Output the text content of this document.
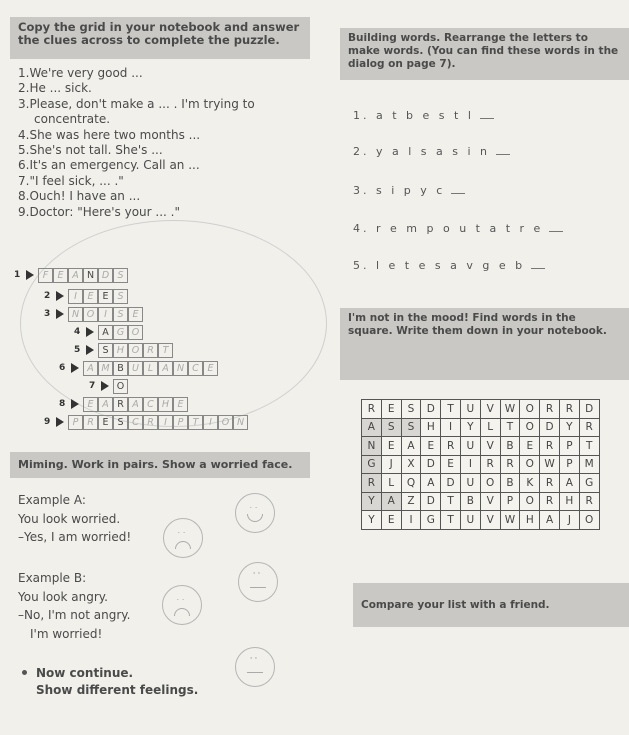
Copy the grid in your notebook and answer the clues across to complete the puzzle.	Building words. Rearrange the letters to make words. (You can find these words in the dialog on page 7).
I'm not in the mood! Find words in the square. Write them down in your notebook.
Miming. Work in pairs. Show a worried face.
Compare your list with a friend.
1.We're very good ...
2.He ... sick.
3.Please, don't make a ... . I'm trying to
concentrate.
4.She was here two months ...
5.She's not tall. She's ...
6.It's an emergency. Call an ...
7."I feel sick, ... ."
8.Ouch! I have an ...
9.Doctor: "Here's your ... ."
1	F E A N D S
2	I	E E S
3	N O	I	S E
4	A G O
5	S H O R T
6	A M B U L A N C E
7	O
8	E A R A C H E
9	P R E S C R	I	P T	I	O N
1. a t b e s t l
2. y a l s a s i n
3. s i p y c
4. r e m p o u t a t r e
5. l e t e s a v g e b
R	E	S	D	T	U	V	W	O	R	R	D
A	S	S	H	I	Y	L	T	O	D	Y	R
N	E	A	E	R	U	V	B	E	R	P	T
G	J	X	D	E	I	R	R	O	W	P	M
R	L	Q	A	D	U	O	B	K	R	A	G
Y	A	Z	D	T	B	V	P	O	R	H	R
Y	E	I	G	T	U	V	W	H	A	J	O
Example A:
You look worried.
–Yes, I am worried!
..
..
Example B:
You look angry.
–No, I'm not angry.
I'm worried!
''
..
Now continue.
Show different feelings.
''
